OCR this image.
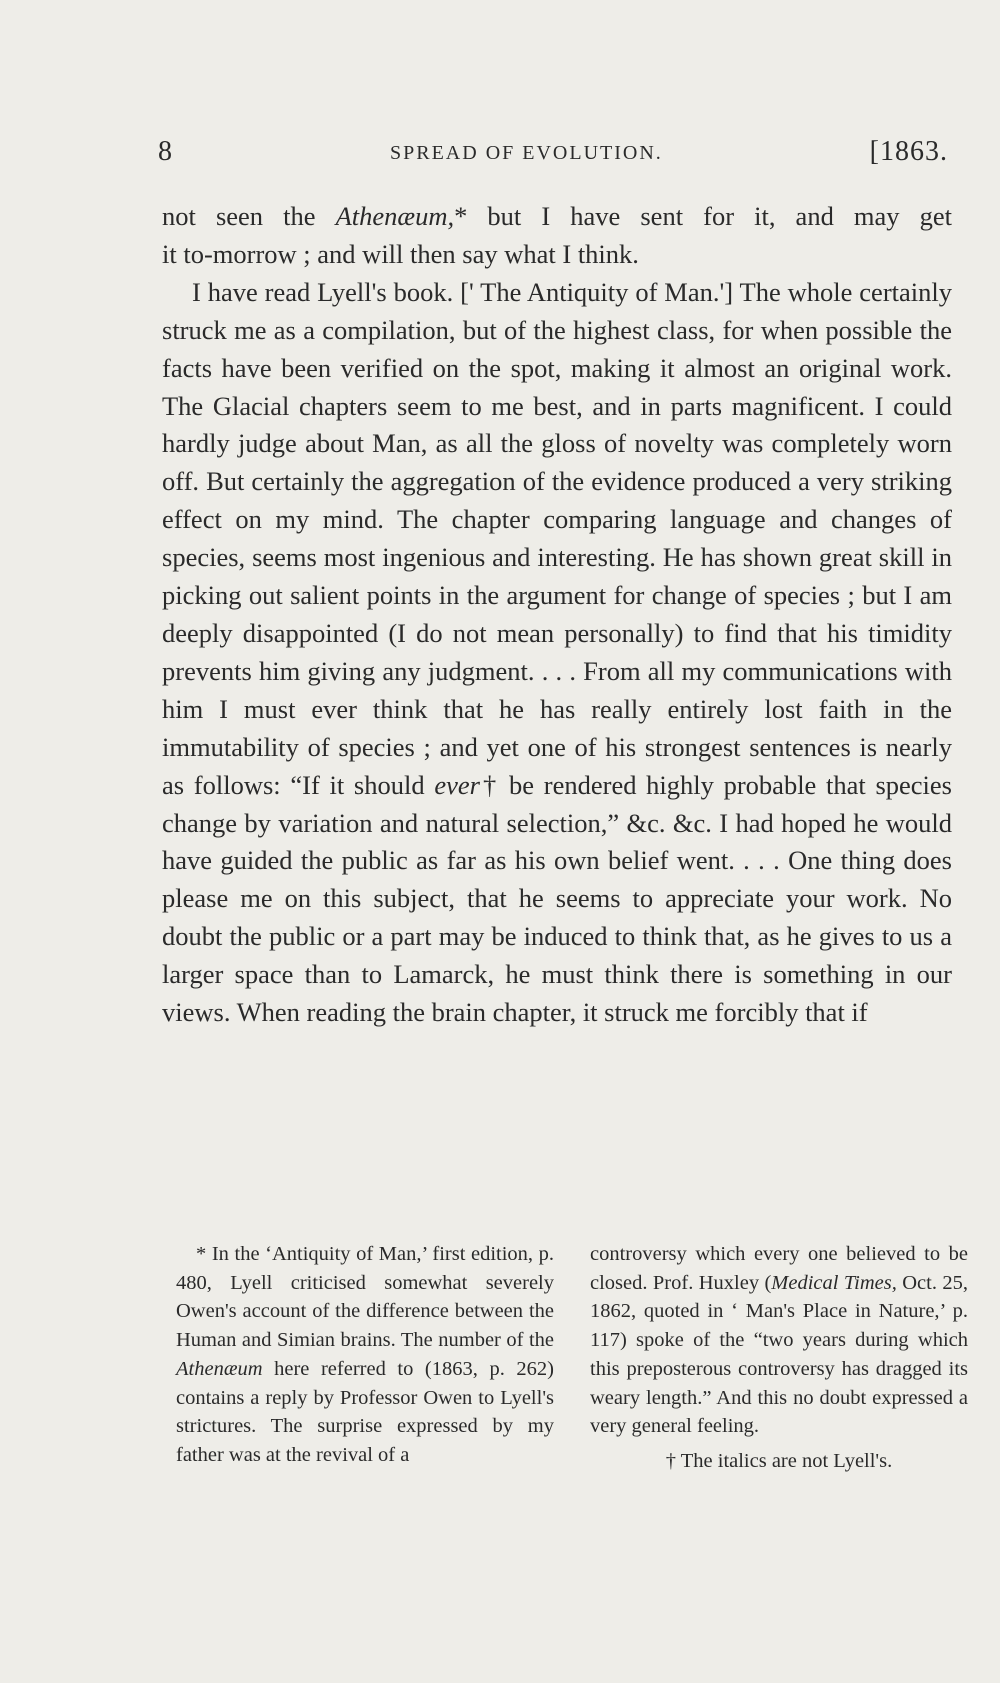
8	SPREAD OF EVOLUTION.	[1863.

not seen the Athenæum,* but I have sent for it, and may get

it to-morrow ; and will then say what I think.

I have read Lyell's book. [' The Antiquity of Man.'] The whole certainly struck me as a compilation, but of the highest class, for when possible the facts have been verified on the spot, making it almost an original work. The Glacial chapters seem to me best, and in parts magnificent. I could hardly judge about Man, as all the gloss of novelty was completely worn off. But certainly the aggregation of the evidence produced a very striking effect on my mind. The chapter comparing language and changes of species, seems most ingenious and interesting. He has shown great skill in picking out salient points in the argument for change of species ; but I am deeply disappointed (I do not mean personally) to find that his timidity prevents him giving any judgment. . . . From all my communications with him I must ever think that he has really entirely lost faith in the immutability of species ; and yet one of his strongest sentences is nearly as follows: “If it should ever† be rendered highly probable that species change by variation and natural selection,” &c. &c. I had hoped he would have guided the public as far as his own belief went. . . . One thing does please me on this subject, that he seems to appreciate your work. No doubt the public or a part may be induced to think that, as he gives to us a larger space than to Lamarck, he must think there is something in our views. When reading the brain chapter, it struck me forcibly that if

* In the ‘Antiquity of Man,’ first edition, p. 480, Lyell criticised somewhat severely Owen's account of the difference between the Human and Simian brains. The number of the Athenæum here referred to (1863, p. 262) contains a reply by Professor Owen to Lyell's strictures. The surprise expressed by my father was at the revival of a

controversy which every one believed to be closed. Prof. Huxley (Medical Times, Oct. 25, 1862, quoted in ‘ Man's Place in Nature,’ p. 117) spoke of the “two years during which this preposterous controversy has dragged its weary length.” And this no doubt expressed a very general feeling.

† The italics are not Lyell's.
